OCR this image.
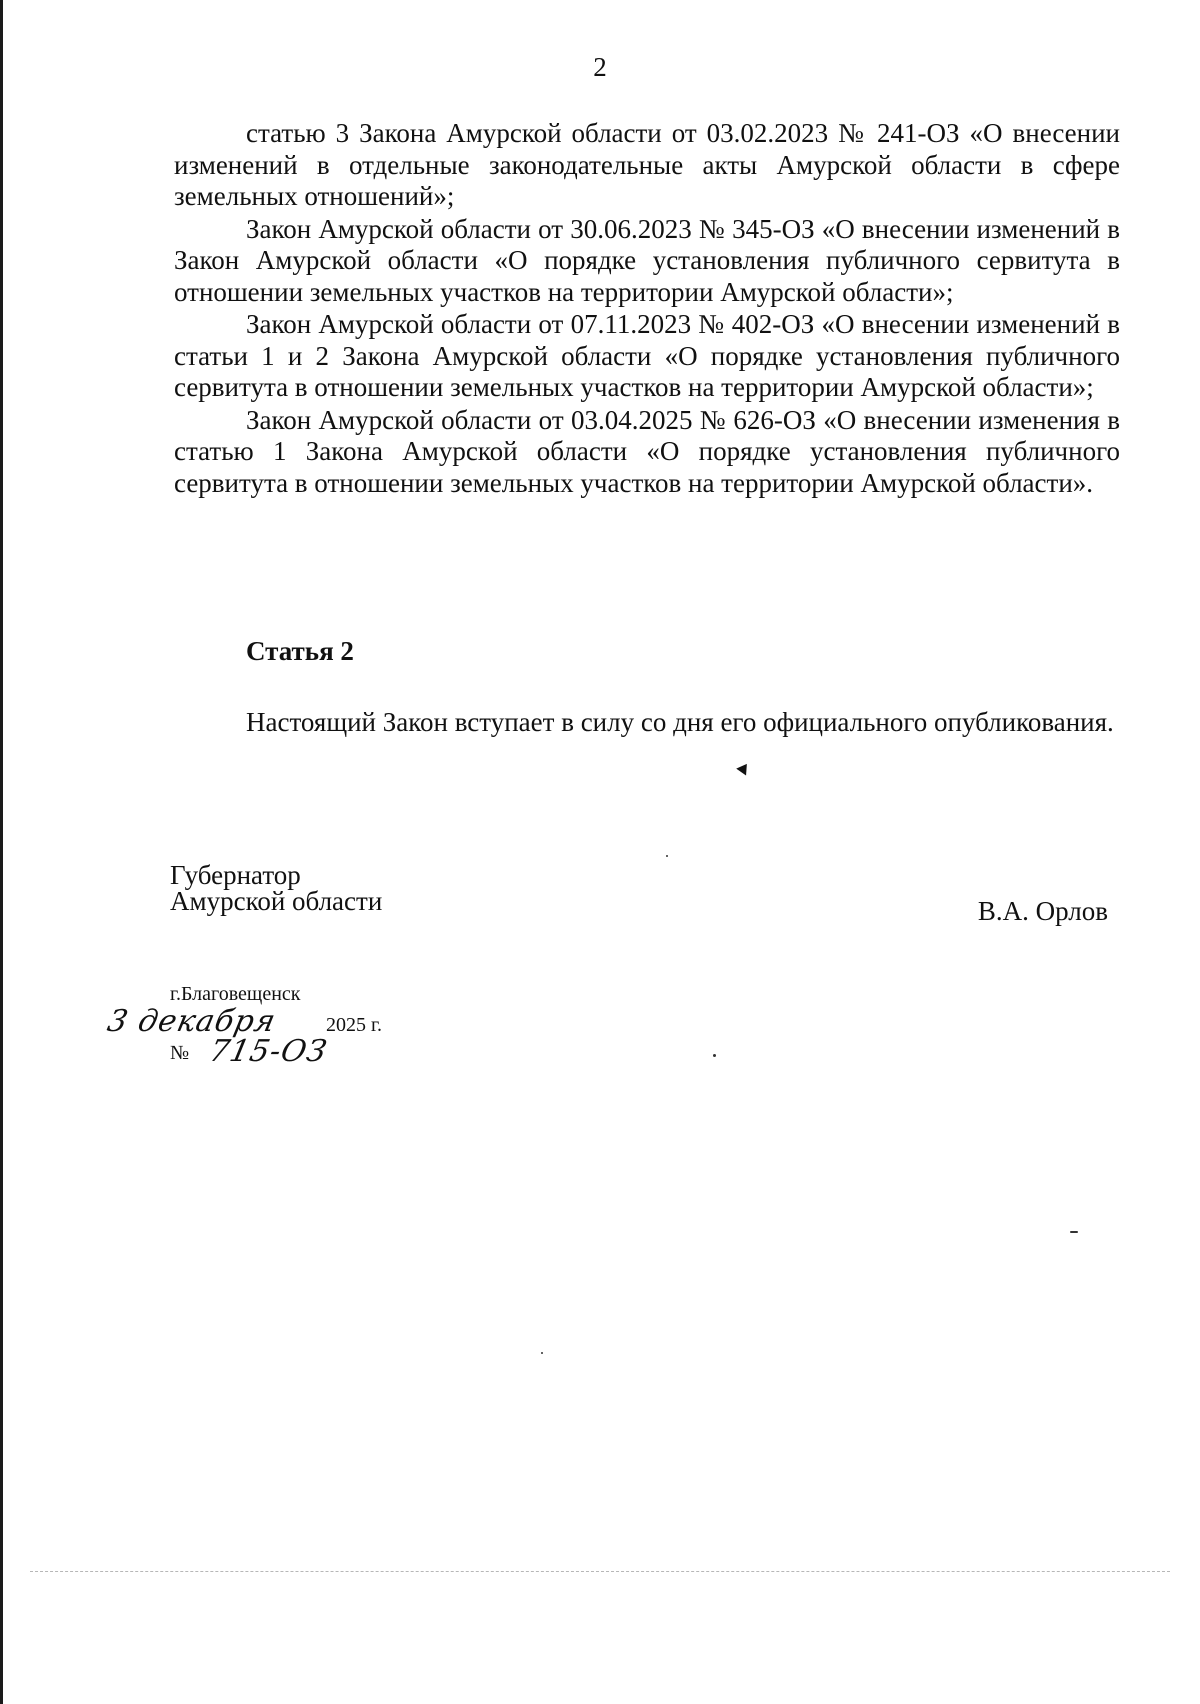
2

статью 3 Закона Амурской области от 03.02.2023 № 241-ОЗ «О внесении изменений в отдельные законодательные акты Амурской области в сфере земельных отношений»;

Закон Амурской области от 30.06.2023 № 345-ОЗ «О внесении изменений в Закон Амурской области «О порядке установления публичного сервитута в отношении земельных участков на территории Амурской области»;

Закон Амурской области от 07.11.2023 № 402-ОЗ «О внесении изменений в статьи 1 и 2 Закона Амурской области «О порядке установления публичного сервитута в отношении земельных участков на территории Амурской области»;

Закон Амурской области от 03.04.2025 № 626-ОЗ «О внесении изменения в статью 1 Закона Амурской области «О порядке установления публичного сервитута в отношении земельных участков на территории Амурской области».

Статья 2

Настоящий Закон вступает в силу со дня его официального опубликования.

Губернатор
Амурской области	В.А. Орлов
г.Благовещенск
3 декабря 2025 г.
№ 715-ОЗ
